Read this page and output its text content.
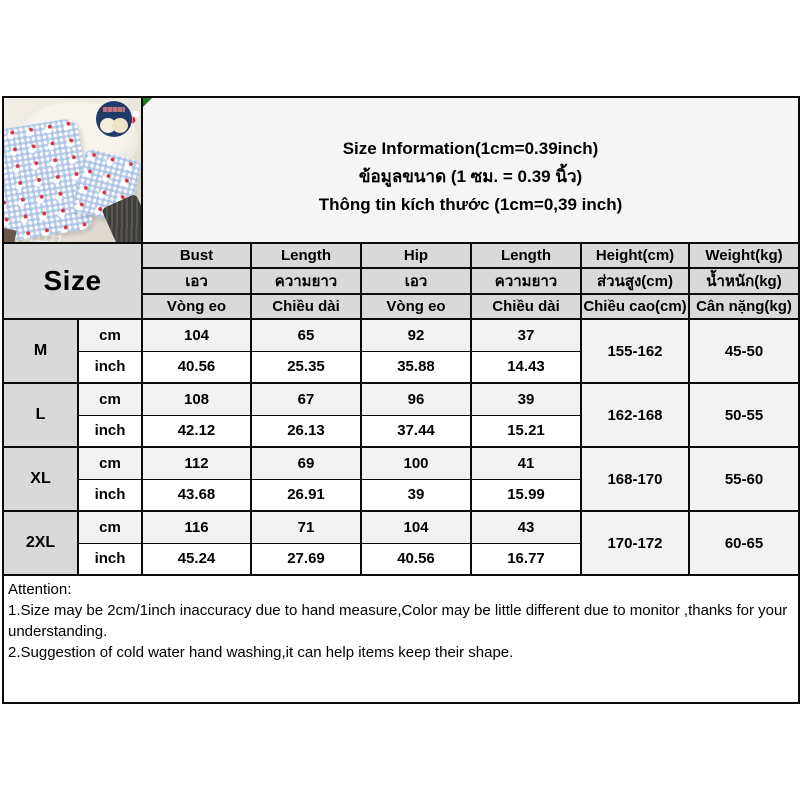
		Size Information(1cm=0.39inch)
ข้อมูลขนาด (1 ซม. = 0.39 นิ้ว)
Thông tin kích thước (1cm=0,39 inch)					

Size		Bust	Length	Hip	Length	Height(cm)	Weight(kg)
		เอว	ความยาว	เอว	ความยาว	ส่วนสูง(cm)	น้ำหนัก(kg)
		Vòng eo	Chiều dài	Vòng eo	Chiều dài	Chiều cao(cm)	Cân nặng(kg)
M	cm	104	65	92	37	155-162	45-50
	inch	40.56	25.35	35.88	14.43		
L	cm	108	67	96	39	162-168	50-55
	inch	42.12	26.13	37.44	15.21		
XL	cm	112	69	100	41	168-170	55-60
	inch	43.68	26.91	39	15.99		
2XL	cm	116	71	104	43	170-172	60-65
	inch	45.24	27.69	40.56	16.77		

Attention:
1.Size may be 2cm/1inch inaccuracy due to hand measure,Color may be little different due to monitor ,thanks for your understanding.
2.Suggestion of cold water hand washing,it can help items keep their shape.							
